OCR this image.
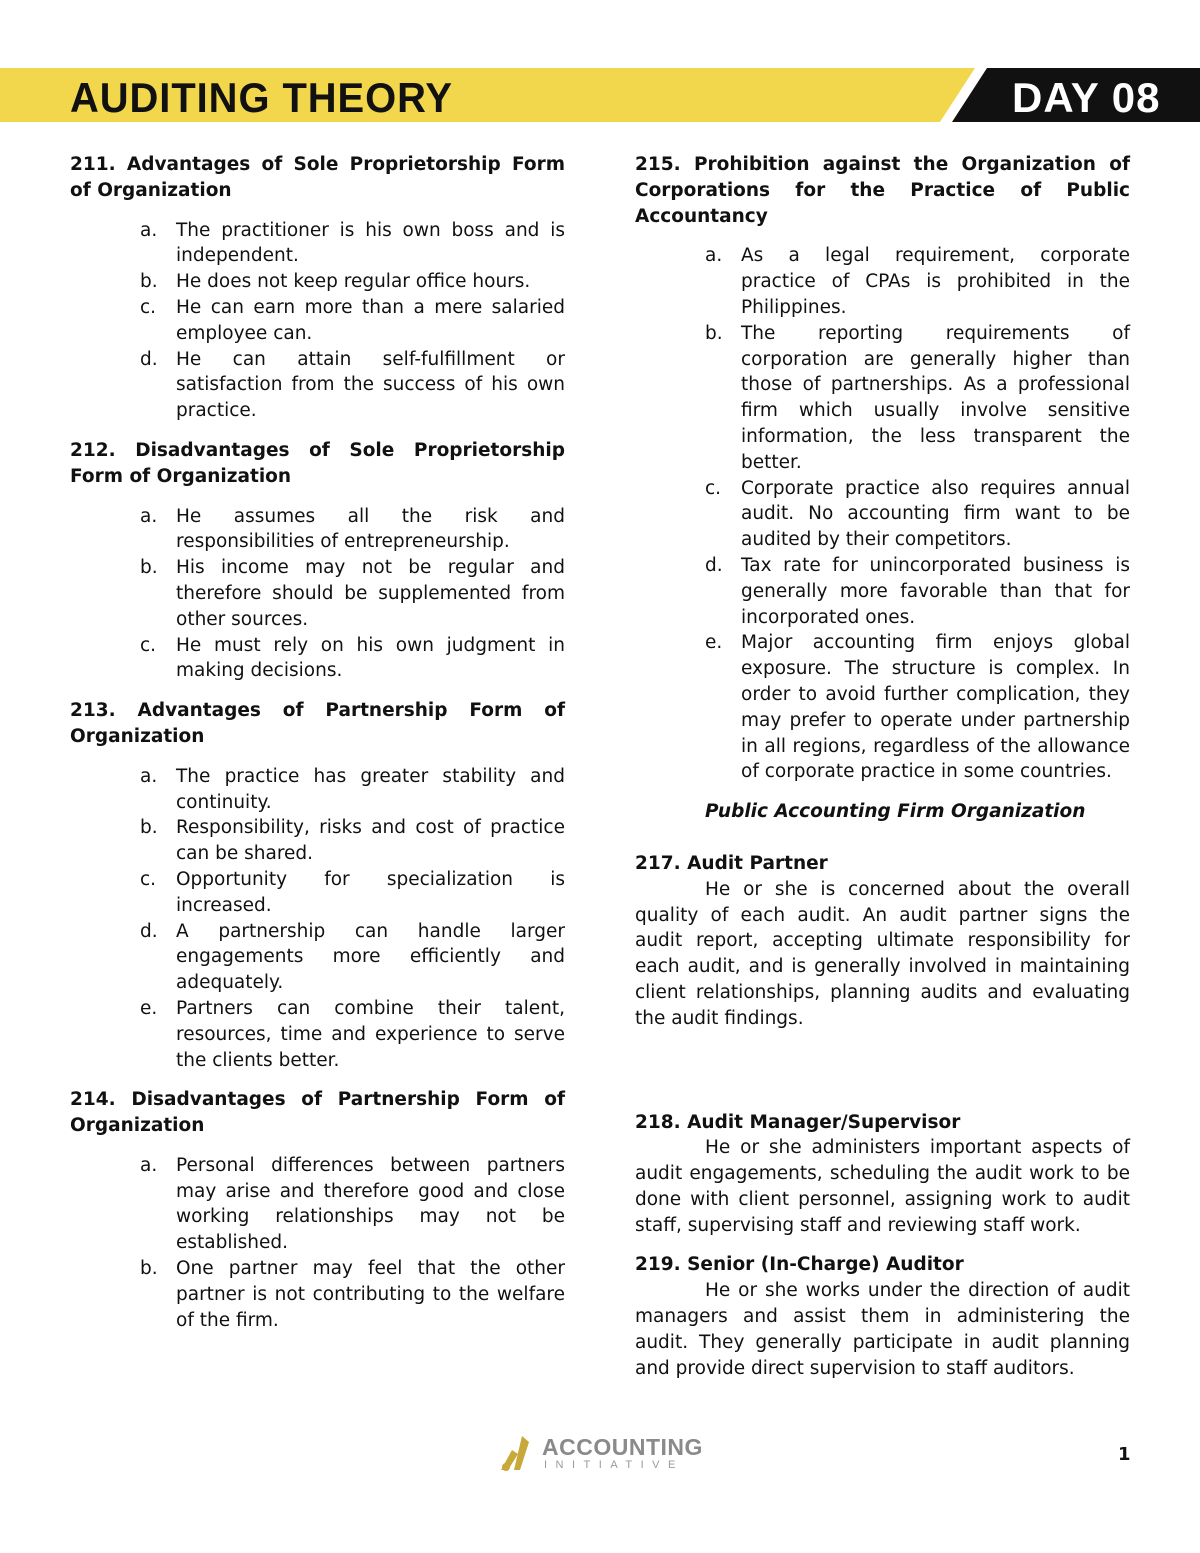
AUDITING THEORY	DAY 08
211. Advantages of Sole Proprietorship Form of Organization
a. The practitioner is his own boss and is independent.
b. He does not keep regular office hours.
c. He can earn more than a mere salaried employee can.
d. He can attain self-fulfillment or satisfaction from the success of his own practice.
212. Disadvantages of Sole Proprietorship Form of Organization
a. He assumes all the risk and responsibilities of entrepreneurship.
b. His income may not be regular and therefore should be supplemented from other sources.
c. He must rely on his own judgment in making decisions.
213. Advantages of Partnership Form of Organization
a. The practice has greater stability and continuity.
b. Responsibility, risks and cost of practice can be shared.
c. Opportunity for specialization is increased.
d. A partnership can handle larger engagements more efficiently and adequately.
e. Partners can combine their talent, resources, time and experience to serve the clients better.
214. Disadvantages of Partnership Form of Organization
a. Personal differences between partners may arise and therefore good and close working relationships may not be established.
b. One partner may feel that the other partner is not contributing to the welfare of the firm.
215. Prohibition against the Organization of Corporations for the Practice of Public Accountancy
a. As a legal requirement, corporate practice of CPAs is prohibited in the Philippines.
b. The reporting requirements of corporation are generally higher than those of partnerships. As a professional firm which usually involve sensitive information, the less transparent the better.
c. Corporate practice also requires annual audit. No accounting firm want to be audited by their competitors.
d. Tax rate for unincorporated business is generally more favorable than that for incorporated ones.
e. Major accounting firm enjoys global exposure. The structure is complex. In order to avoid further complication, they may prefer to operate under partnership in all regions, regardless of the allowance of corporate practice in some countries.
Public Accounting Firm Organization
217. Audit Partner

He or she is concerned about the overall quality of each audit. An audit partner signs the audit report, accepting ultimate responsibility for each audit, and is generally involved in maintaining client relationships, planning audits and evaluating the audit findings.

218. Audit Manager/Supervisor

He or she administers important aspects of audit engagements, scheduling the audit work to be done with client personnel, assigning work to audit staff, supervising staff and reviewing staff work.

219. Senior (In-Charge) Auditor

He or she works under the direction of audit managers and assist them in administering the audit. They generally participate in audit planning and provide direct supervision to staff auditors.

ACCOUNTING
INITIATIVE	1
